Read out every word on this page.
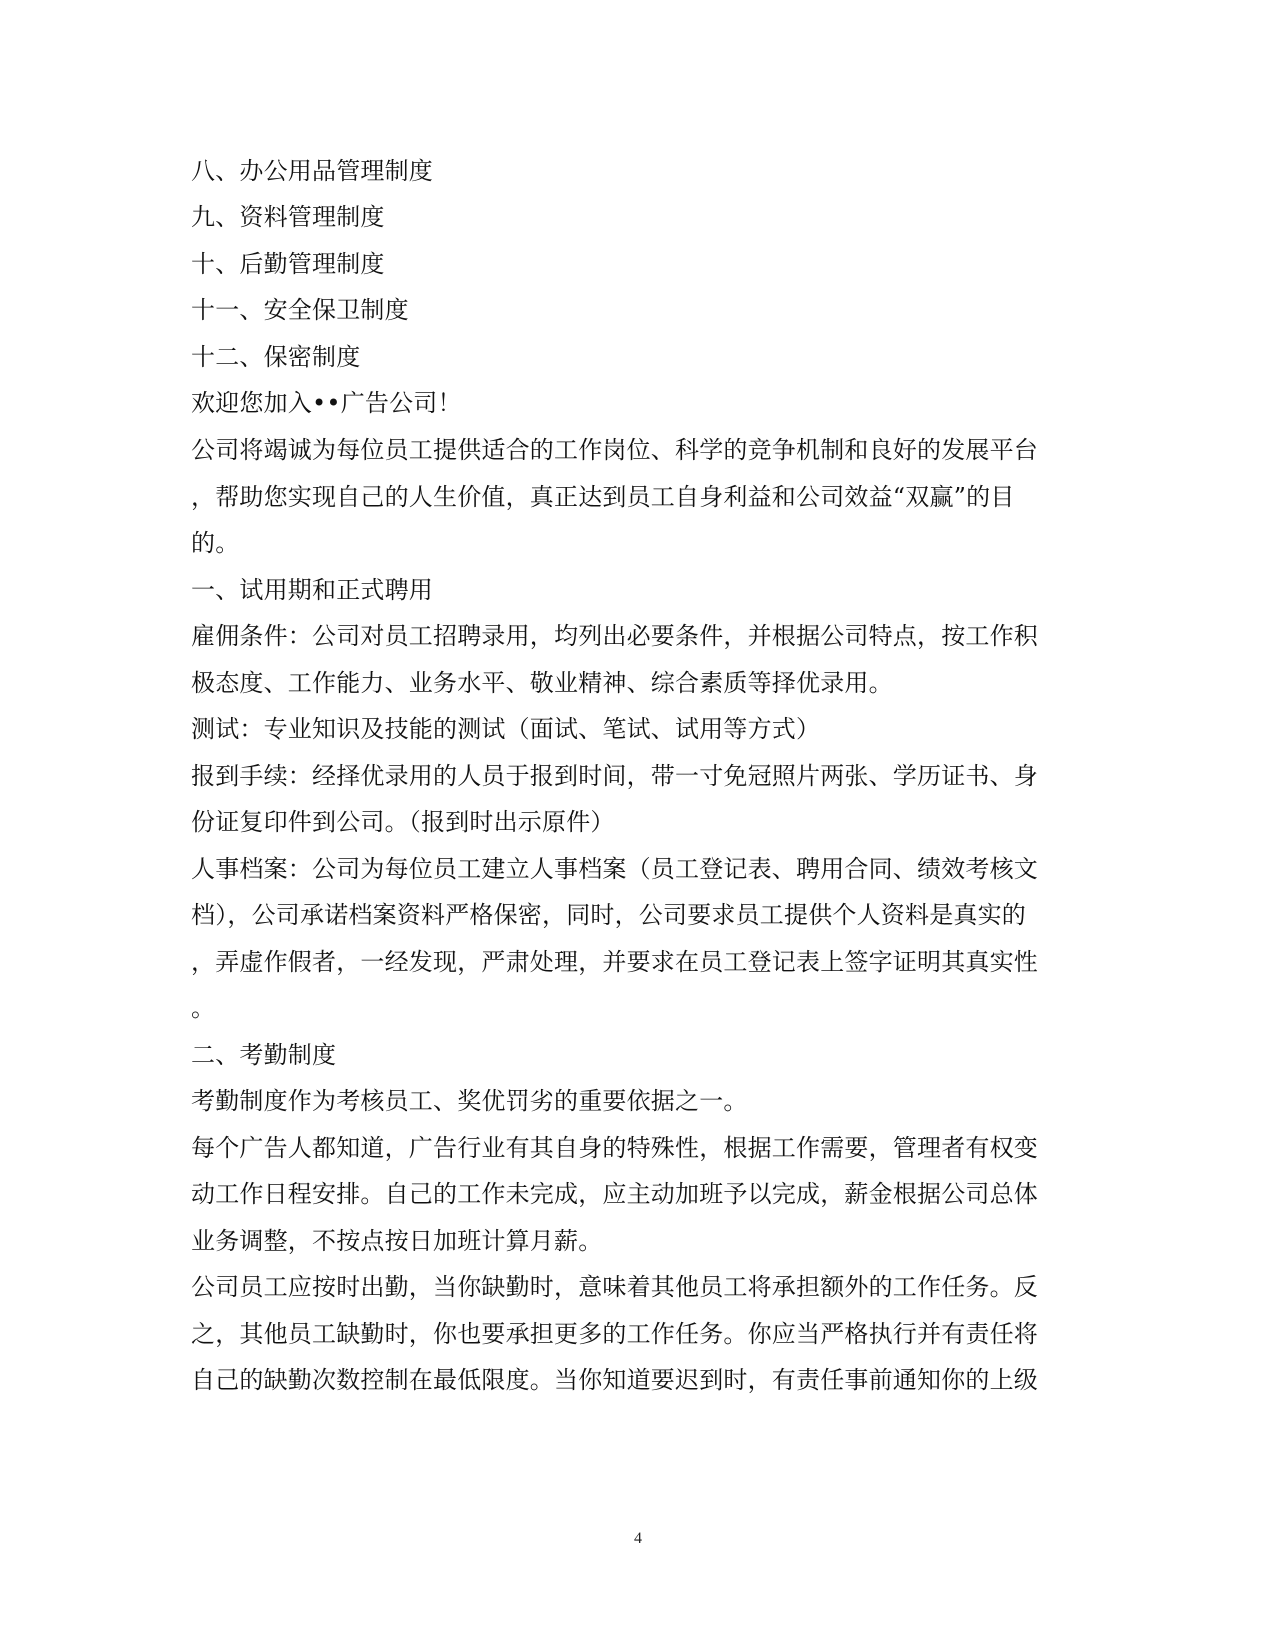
八、办公用品管理制度
九、资料管理制度
十、后勤管理制度
十一、安全保卫制度
十二、保密制度
欢迎您加入••广告公司！
公司将竭诚为每位员工提供适合的工作岗位、科学的竞争机制和良好的发展平台
，帮助您实现自己的人生价值，真正达到员工自身利益和公司效益“双赢”的目
的。
一、试用期和正式聘用
雇佣条件：公司对员工招聘录用，均列出必要条件，并根据公司特点，按工作积
极态度、工作能力、业务水平、敬业精神、综合素质等择优录用。
测试：专业知识及技能的测试（面试、笔试、试用等方式）
报到手续：经择优录用的人员于报到时间，带一寸免冠照片两张、学历证书、身
份证复印件到公司。（报到时出示原件）
人事档案：公司为每位员工建立人事档案（员工登记表、聘用合同、绩效考核文
档），公司承诺档案资料严格保密，同时，公司要求员工提供个人资料是真实的
，弄虚作假者，一经发现，严肃处理，并要求在员工登记表上签字证明其真实性
。
二、考勤制度
考勤制度作为考核员工、奖优罚劣的重要依据之一。
每个广告人都知道，广告行业有其自身的特殊性，根据工作需要，管理者有权变
动工作日程安排。自己的工作未完成，应主动加班予以完成，薪金根据公司总体
业务调整，不按点按日加班计算月薪。
公司员工应按时出勤，当你缺勤时，意味着其他员工将承担额外的工作任务。反
之，其他员工缺勤时，你也要承担更多的工作任务。你应当严格执行并有责任将
自己的缺勤次数控制在最低限度。当你知道要迟到时，有责任事前通知你的上级
4
